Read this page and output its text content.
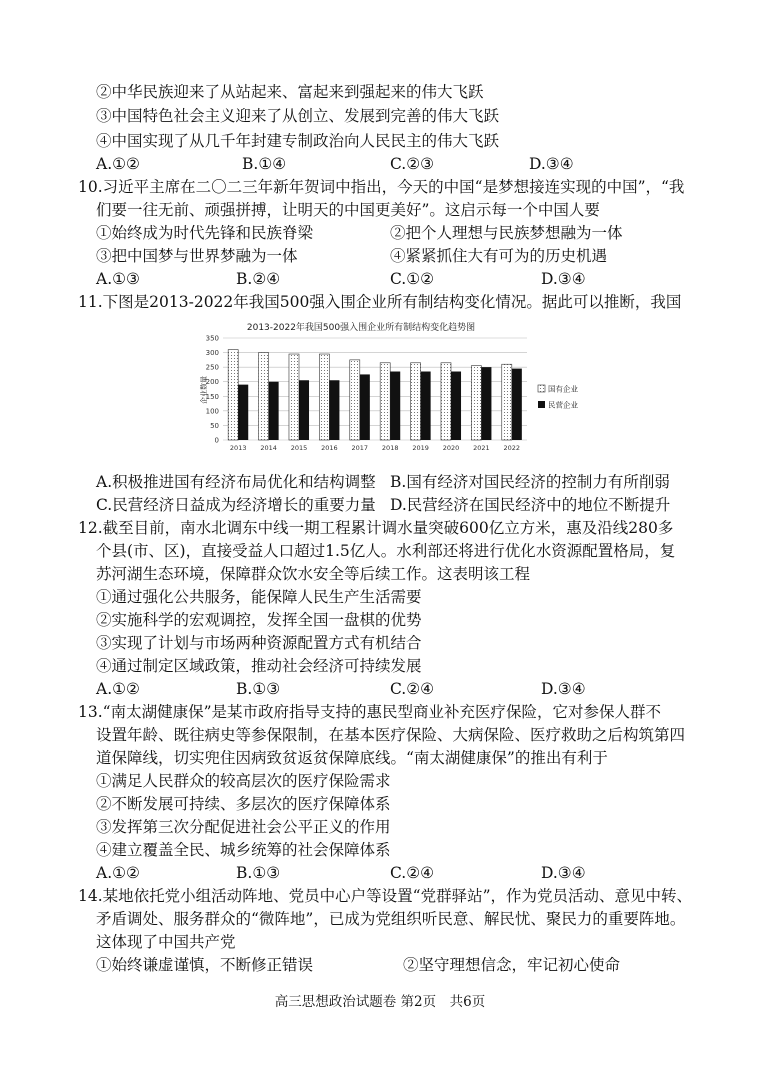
②中华民族迎来了从站起来、富起来到强起来的伟大飞跃
③中国特色社会主义迎来了从创立、发展到完善的伟大飞跃
④中国实现了从几千年封建专制政治向人民民主的伟大飞跃
A.①②	B.①④	C.②③	D.③④
10.习近平主席在二〇二三年新年贺词中指出，今天的中国“是梦想接连实现的中国”，“我
们要一往无前、顽强拼搏，让明天的中国更美好”。这启示每一个中国人要
①始终成为时代先锋和民族脊梁	②把个人理想与民族梦想融为一体
③把中国梦与世界梦融为一体	④紧紧抓住大有可为的历史机遇
A.①③	B.②④	C.①②	D.③④
11.下图是2013-2022年我国500强入围企业所有制结构变化情况。据此可以推断，我国
2013-2022年我国500强入围企业所有制结构变化趋势图
企业数量
0
50
100
150
200
250
300
350
2013 2014 2015 2016 2017 2018 2019 2020 2021 2022
国有企业
民营企业
A.积极推进国有经济布局优化和结构调整 B.国有经济对国民经济的控制力有所削弱
C.民营经济日益成为经济增长的重要力量 D.民营经济在国民经济中的地位不断提升
12.截至目前，南水北调东中线一期工程累计调水量突破600亿立方米，惠及沿线280多
个县(市、区)，直接受益人口超过1.5亿人。水利部还将进行优化水资源配置格局，复
苏河湖生态环境，保障群众饮水安全等后续工作。这表明该工程
①通过强化公共服务，能保障人民生产生活需要
②实施科学的宏观调控，发挥全国一盘棋的优势
③实现了计划与市场两种资源配置方式有机结合
④通过制定区域政策，推动社会经济可持续发展
A.①②	B.①③	C.②④	D.③④
13.“南太湖健康保”是某市政府指导支持的惠民型商业补充医疗保险，它对参保人群不
设置年龄、既往病史等参保限制，在基本医疗保险、大病保险、医疗救助之后构筑第四
道保障线，切实兜住因病致贫返贫保障底线。“南太湖健康保”的推出有利于
①满足人民群众的较高层次的医疗保险需求
②不断发展可持续、多层次的医疗保障体系
③发挥第三次分配促进社会公平正义的作用
④建立覆盖全民、城乡统筹的社会保障体系
A.①②	B.①③	C.②④	D.③④
14.某地依托党小组活动阵地、党员中心户等设置“党群驿站”，作为党员活动、意见中转、
矛盾调处、服务群众的“微阵地”，已成为党组织听民意、解民忧、聚民力的重要阵地。
这体现了中国共产党
①始终谦虚谨慎，不断修正错误	②坚守理想信念，牢记初心使命
高三思想政治试题卷 第2页　共6页
